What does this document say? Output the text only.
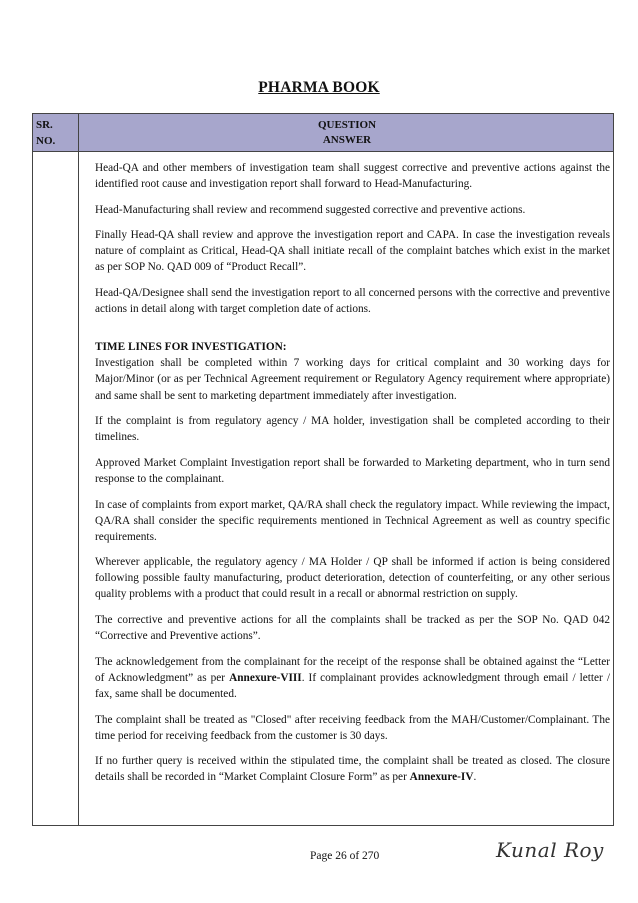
PHARMA BOOK
SR.
NO.
QUESTION
ANSWER

Head-QA and other members of investigation team shall suggest corrective and preventive actions against the identified root cause and investigation report shall forward to Head-Manufacturing.

Head-Manufacturing shall review and recommend suggested corrective and preventive actions.

Finally Head-QA shall review and approve the investigation report and CAPA. In case the investigation reveals nature of complaint as Critical, Head-QA shall initiate recall of the complaint batches which exist in the market as per SOP No. QAD 009 of “Product Recall”.

Head-QA/Designee shall send the investigation report to all concerned persons with the corrective and preventive actions in detail along with target completion date of actions.

TIME LINES FOR INVESTIGATION:

Investigation shall be completed within 7 working days for critical complaint and 30 working days for Major/Minor (or as per Technical Agreement requirement or Regulatory Agency requirement where appropriate) and same shall be sent to marketing department immediately after investigation.

If the complaint is from regulatory agency / MA holder, investigation shall be completed according to their timelines.

Approved Market Complaint Investigation report shall be forwarded to Marketing department, who in turn send response to the complainant.

In case of complaints from export market, QA/RA shall check the regulatory impact. While reviewing the impact, QA/RA shall consider the specific requirements mentioned in Technical Agreement as well as country specific requirements.

Wherever applicable, the regulatory agency / MA Holder / QP shall be informed if action is being considered following possible faulty manufacturing, product deterioration, detection of counterfeiting, or any other serious quality problems with a product that could result in a recall or abnormal restriction on supply.

The corrective and preventive actions for all the complaints shall be tracked as per the SOP No. QAD 042 “Corrective and Preventive actions”.

The acknowledgement from the complainant for the receipt of the response shall be obtained against the “Letter of Acknowledgment” as per Annexure-VIII. If complainant provides acknowledgment through email / letter / fax, same shall be documented.

The complaint shall be treated as "Closed" after receiving feedback from the MAH/Customer/Complainant. The time period for receiving feedback from the customer is 30 days.

If no further query is received within the stipulated time, the complaint shall be treated as closed. The closure details shall be recorded in “Market Complaint Closure Form” as per Annexure-IV.

Page 26 of 270	Kunal Roy
